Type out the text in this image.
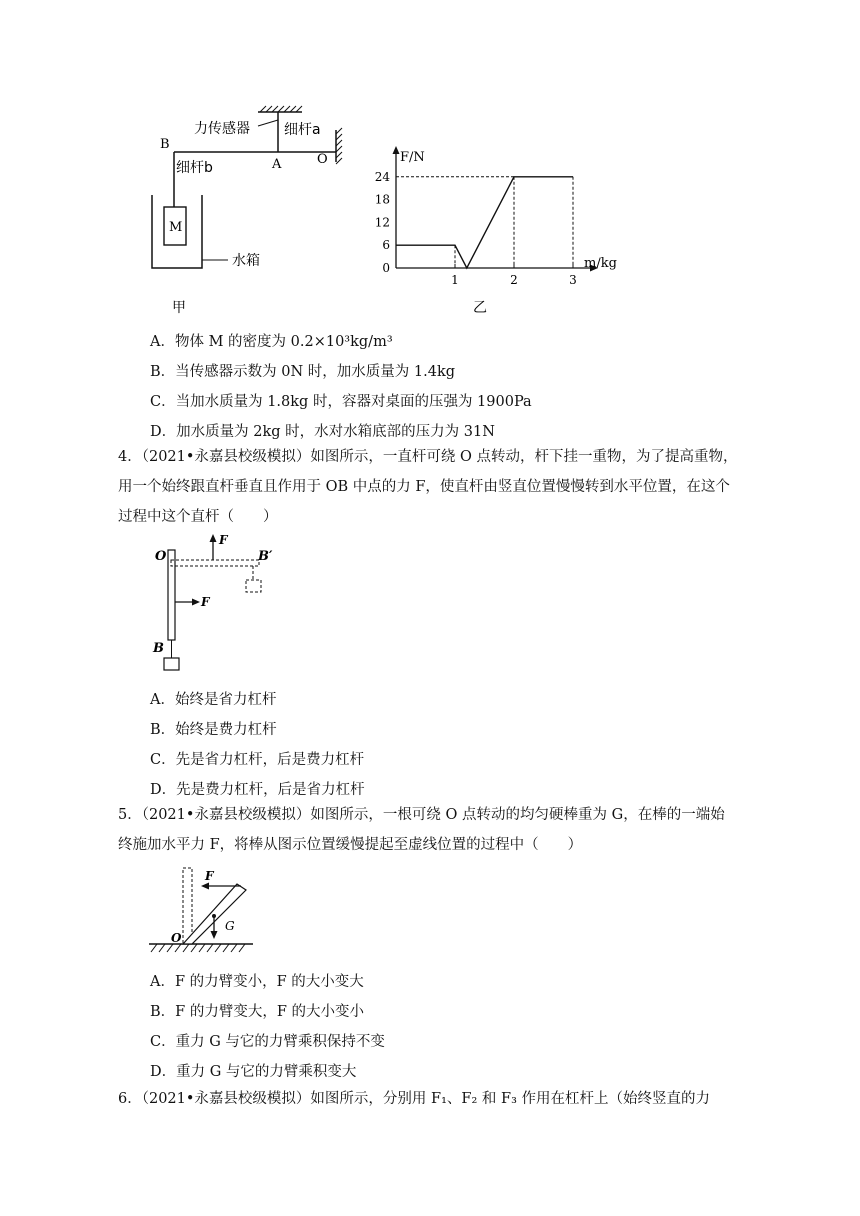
力传感器 细杆a
B
细杆b	A	O
M
水箱
甲
0
6
12
18
24
1	2	3
F/N
m/kg
乙
A．物体 M 的密度为 0.2×10³kg/m³
B．当传感器示数为 0N 时，加水质量为 1.4kg
C．当加水质量为 1.8kg 时，容器对桌面的压强为 1900Pa
D．加水质量为 2kg 时，水对水箱底部的压力为 31N
4．（2021•永嘉县校级模拟）如图所示，一直杆可绕 O 点转动，杆下挂一重物，为了提高重物，用一个始终跟直杆垂直且作用于 OB 中点的力 F，使直杆由竖直位置慢慢转到水平位置，在这个过程中这个直杆（　　）
O
F
F
B′
B
A．始终是省力杠杆
B．始终是费力杠杆
C．先是省力杠杆，后是费力杠杆
D．先是费力杠杆，后是省力杠杆
5．（2021•永嘉县校级模拟）如图所示，一根可绕 O 点转动的均匀硬棒重为 G，在棒的一端始终施加水平力 F，将棒从图示位置缓慢提起至虚线位置的过程中（　　）
F
G
O
A．F 的力臂变小，F 的大小变大
B．F 的力臂变大，F 的大小变小
C．重力 G 与它的力臂乘积保持不变
D．重力 G 与它的力臂乘积变大
6．（2021•永嘉县校级模拟）如图所示，分别用 F₁、F₂ 和 F₃ 作用在杠杆上（始终竖直的力
